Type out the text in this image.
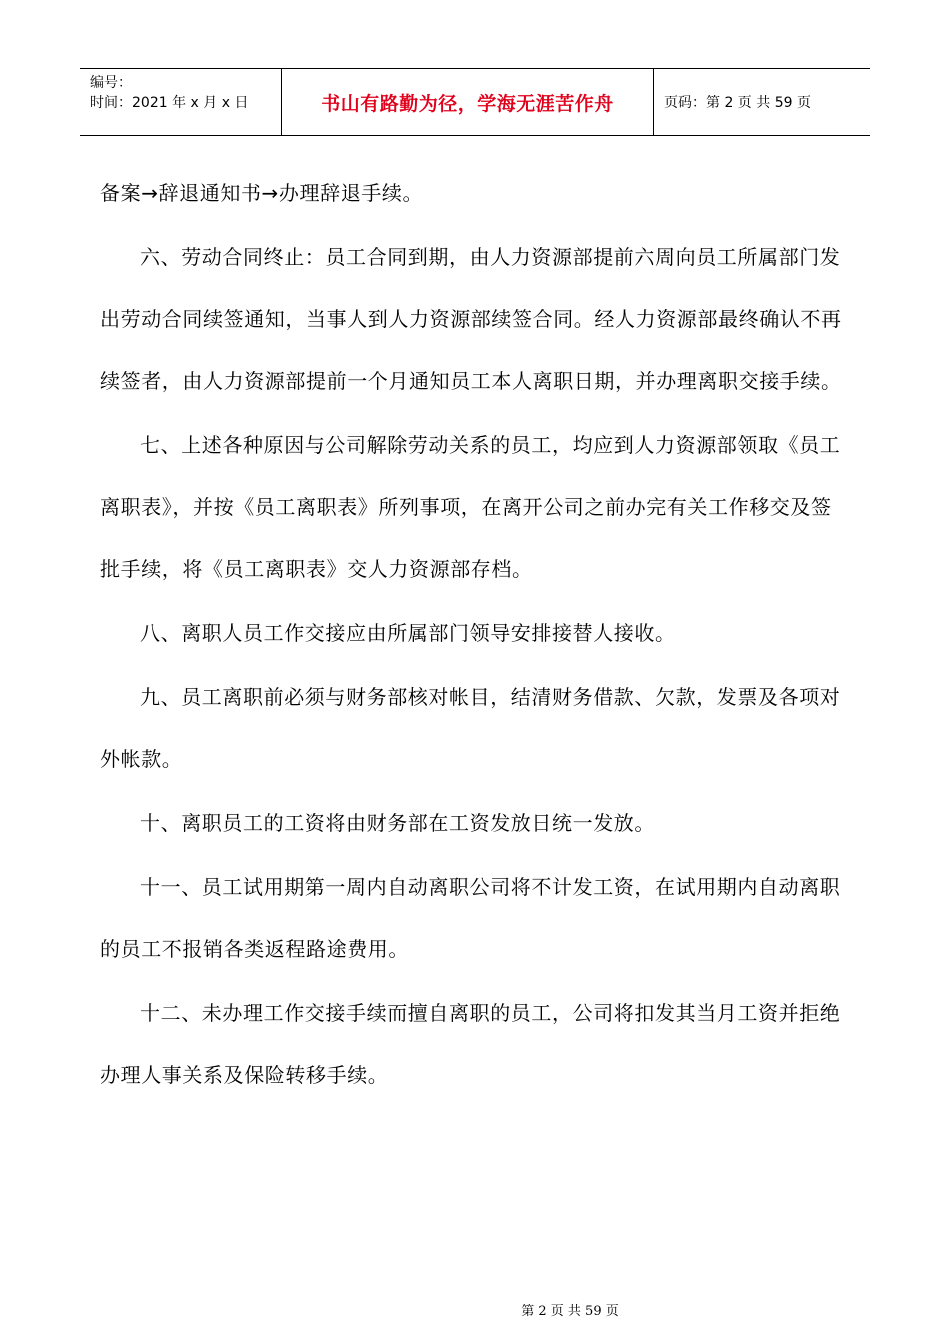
编号：
时间：2021 年 x 月 x 日	书山有路勤为径，学海无涯苦作舟	页码：第 2 页 共 59 页

备案→辞退通知书→办理辞退手续。

六、劳动合同终止：员工合同到期，由人力资源部提前六周向员工所属部门发出劳动合同续签通知，当事人到人力资源部续签合同。经人力资源部最终确认不再续签者，由人力资源部提前一个月通知员工本人离职日期，并办理离职交接手续。

七、上述各种原因与公司解除劳动关系的员工，均应到人力资源部领取《员工离职表》，并按《员工离职表》所列事项，在离开公司之前办完有关工作移交及签批手续，将《员工离职表》交人力资源部存档。

八、离职人员工作交接应由所属部门领导安排接替人接收。

九、员工离职前必须与财务部核对帐目，结清财务借款、欠款，发票及各项对外帐款。

十、离职员工的工资将由财务部在工资发放日统一发放。

十一、员工试用期第一周内自动离职公司将不计发工资，在试用期内自动离职的员工不报销各类返程路途费用。

十二、未办理工作交接手续而擅自离职的员工，公司将扣发其当月工资并拒绝办理人事关系及保险转移手续。

第 2 页 共 59 页
